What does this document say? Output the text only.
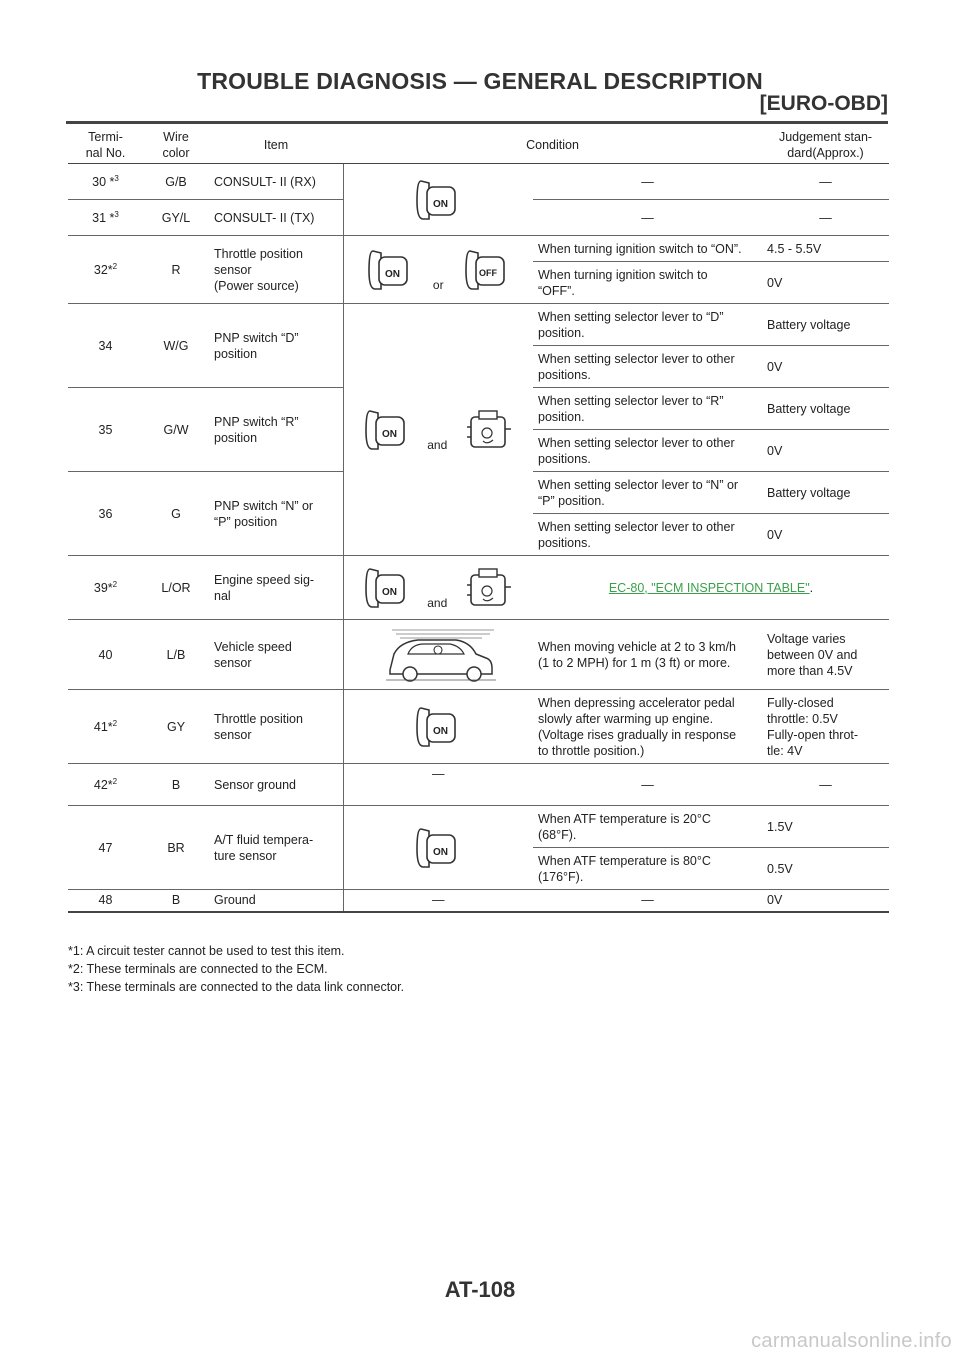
TROUBLE DIAGNOSIS — GENERAL DESCRIPTION
[EURO-OBD]
Termi-
nal No.	Wire color	Item	Condition		Judgement stan-
dard(Approx.)
30 *$^3$	G/B	CONSULT- II (RX)		—	—
31 *$^3$	GY/L	CONSULT- II (TX)		—	—
32*$^2$	R	Throttle position
sensor
(Power source)	or	When turning ignition switch to “ON”.	4.5 - 5.5V
				When turning ignition switch to
“OFF”.	0V
34	W/G	PNP switch “D”
position	and	When setting selector lever to “D”
position.	Battery voltage
				When setting selector lever to other
positions.	0V
35	G/W	PNP switch “R”
position		When setting selector lever to “R”
position.	Battery voltage
				When setting selector lever to other
positions.	0V
36	G	PNP switch “N” or
“P” position		When setting selector lever to “N” or
“P” position.	Battery voltage
				When setting selector lever to other
positions.	0V
39*$^2$	L/OR	Engine speed sig-
nal	and	EC-80, "ECM INSPECTION TABLE".	
40	L/B	Vehicle speed
sensor		When moving vehicle at 2 to 3 km/h
(1 to 2 MPH) for 1 m (3 ft) or more.	Voltage varies
between 0V and
more than 4.5V
41*$^2$	GY	Throttle position
sensor		When depressing accelerator pedal
slowly after warming up engine.
(Voltage rises gradually in response
to throttle position.)	Fully-closed
throttle: 0.5V
Fully-open throt-
tle: 4V
42*$^2$	B	Sensor ground	—	—	—
47	BR	A/T fluid tempera-
ture sensor		When ATF temperature is 20°C
(68°F).	1.5V
				When ATF temperature is 80°C
(176°F).	0.5V
48	B	Ground	—	—	0V
*1: A circuit tester cannot be used to test this item.
*2: These terminals are connected to the ECM.
*3: These terminals are connected to the data link connector.
AT-108
carmanualsonline.info
